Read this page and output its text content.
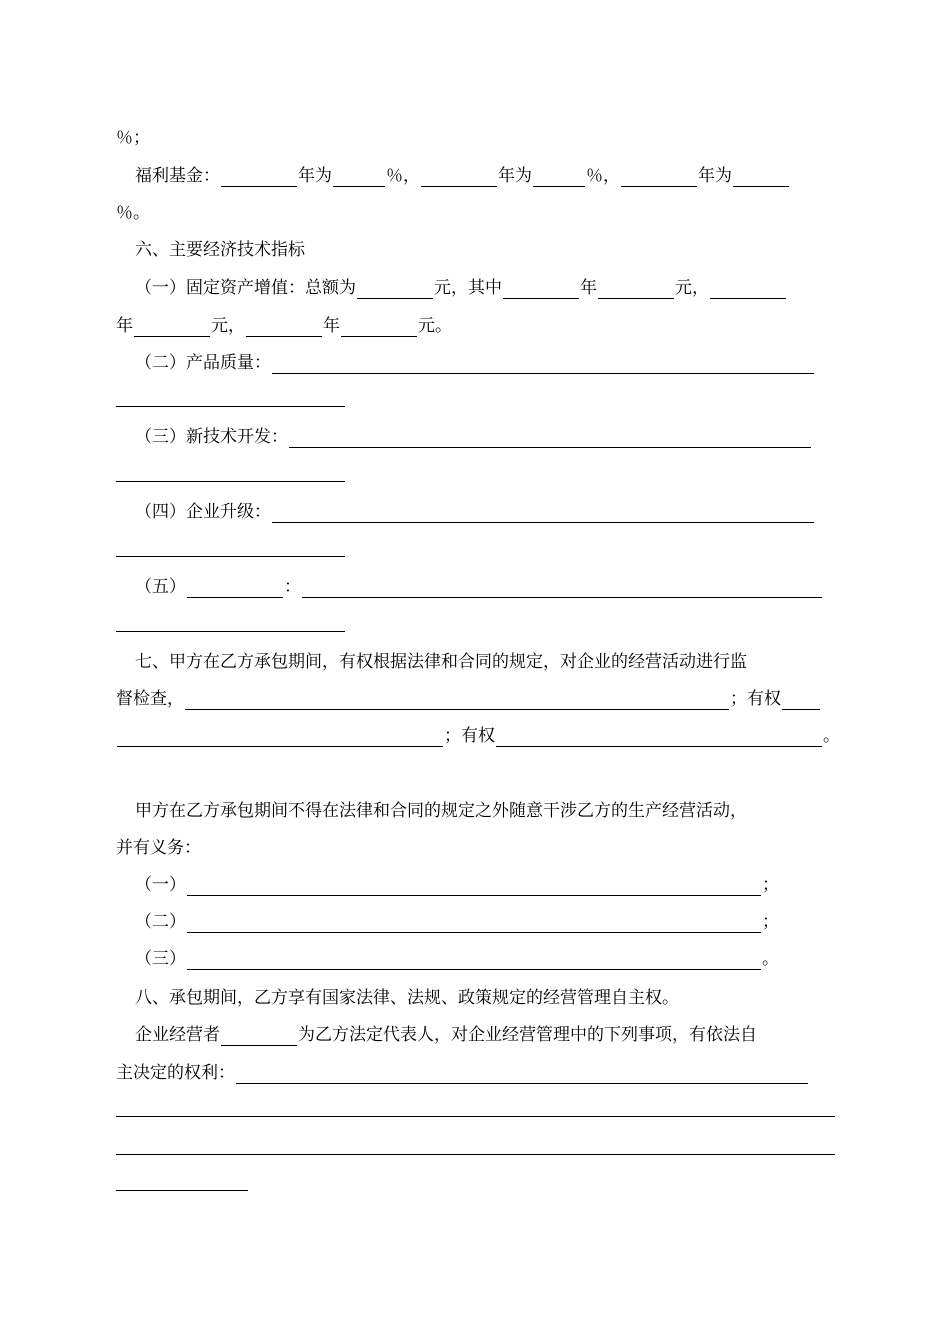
％；
福利基金：	年为	％，	年为	％，	年为
％。
六、主要经济技术指标
（一）固定资产增值：总额为	元，其中	年	元，
年	元，	年	元。
（二）产品质量：
（三）新技术开发：
（四）企业升级：
（五）	：
七、甲方在乙方承包期间，有权根据法律和合同的规定，对企业的经营活动进行监
督检查，	；有权
；有权	。
甲方在乙方承包期间不得在法律和合同的规定之外随意干涉乙方的生产经营活动，
并有义务：
（一）	；
（二）	；
（三）	。
八、承包期间，乙方享有国家法律、法规、政策规定的经营管理自主权。
企业经营者	为乙方法定代表人，对企业经营管理中的下列事项，有依法自
主决定的权利：
